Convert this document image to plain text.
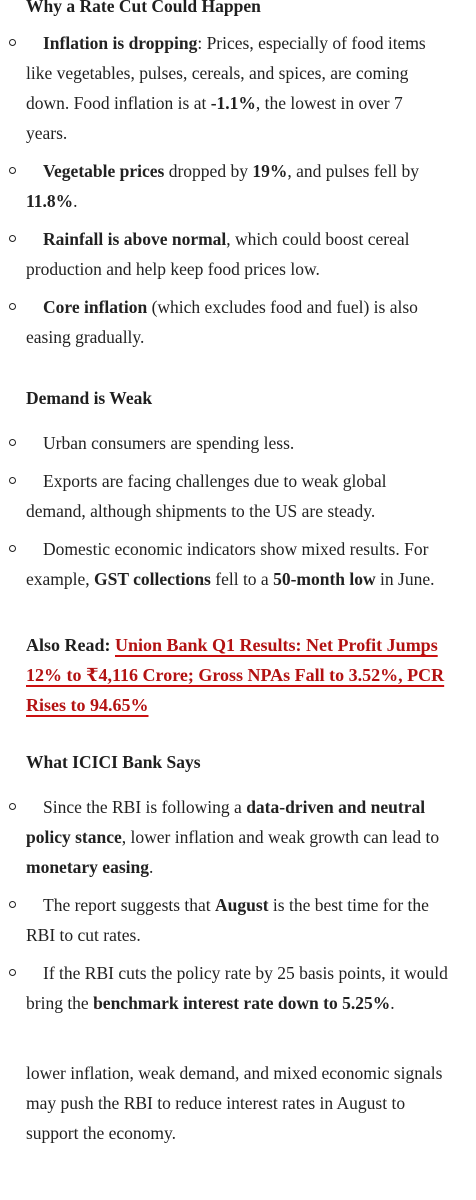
Why a Rate Cut Could Happen
Inflation is dropping: Prices, especially of food items like vegetables, pulses, cereals, and spices, are coming down. Food inflation is at -1.1%, the lowest in over 7 years.
Vegetable prices dropped by 19%, and pulses fell by 11.8%.
Rainfall is above normal, which could boost cereal production and help keep food prices low.
Core inflation (which excludes food and fuel) is also easing gradually.
Demand is Weak
Urban consumers are spending less.
Exports are facing challenges due to weak global demand, although shipments to the US are steady.
Domestic economic indicators show mixed results. For example, GST collections fell to a 50-month low in June.

Also Read: Union Bank Q1 Results: Net Profit Jumps 12% to ₹4,116 Crore; Gross NPAs Fall to 3.52%, PCR Rises to 94.65%

What ICICI Bank Says
Since the RBI is following a data-driven and neutral policy stance, lower inflation and weak growth can lead to monetary easing.
The report suggests that August is the best time for the RBI to cut rates.
If the RBI cuts the policy rate by 25 basis points, it would bring the benchmark interest rate down to 5.25%.

lower inflation, weak demand, and mixed economic signals may push the RBI to reduce interest rates in August to support the economy.
